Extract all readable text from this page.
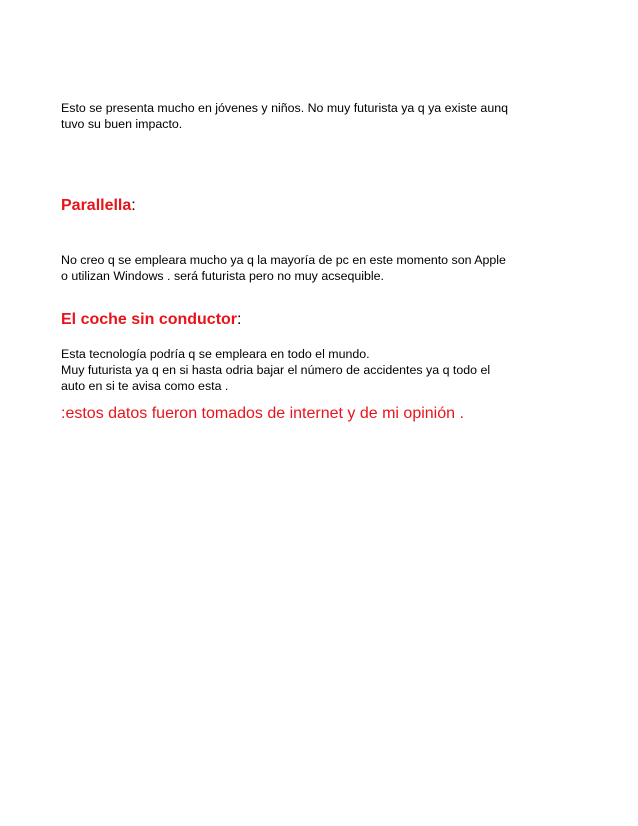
Esto se presenta mucho en jóvenes y niños. No muy futurista ya q ya existe aunq
tuvo su buen impacto.

Parallella:

No creo q se empleara mucho ya q la mayoría de pc en este momento son Apple
o utilizan Windows . será futurista pero no muy acsequible.

El coche sin conductor:

Esta tecnología podría q se empleara en todo el mundo.
Muy futurista ya q en si hasta odria bajar el número de accidentes ya q todo el
auto en si te avisa como esta .

:estos datos fueron tomados de internet y de mi opinión .
